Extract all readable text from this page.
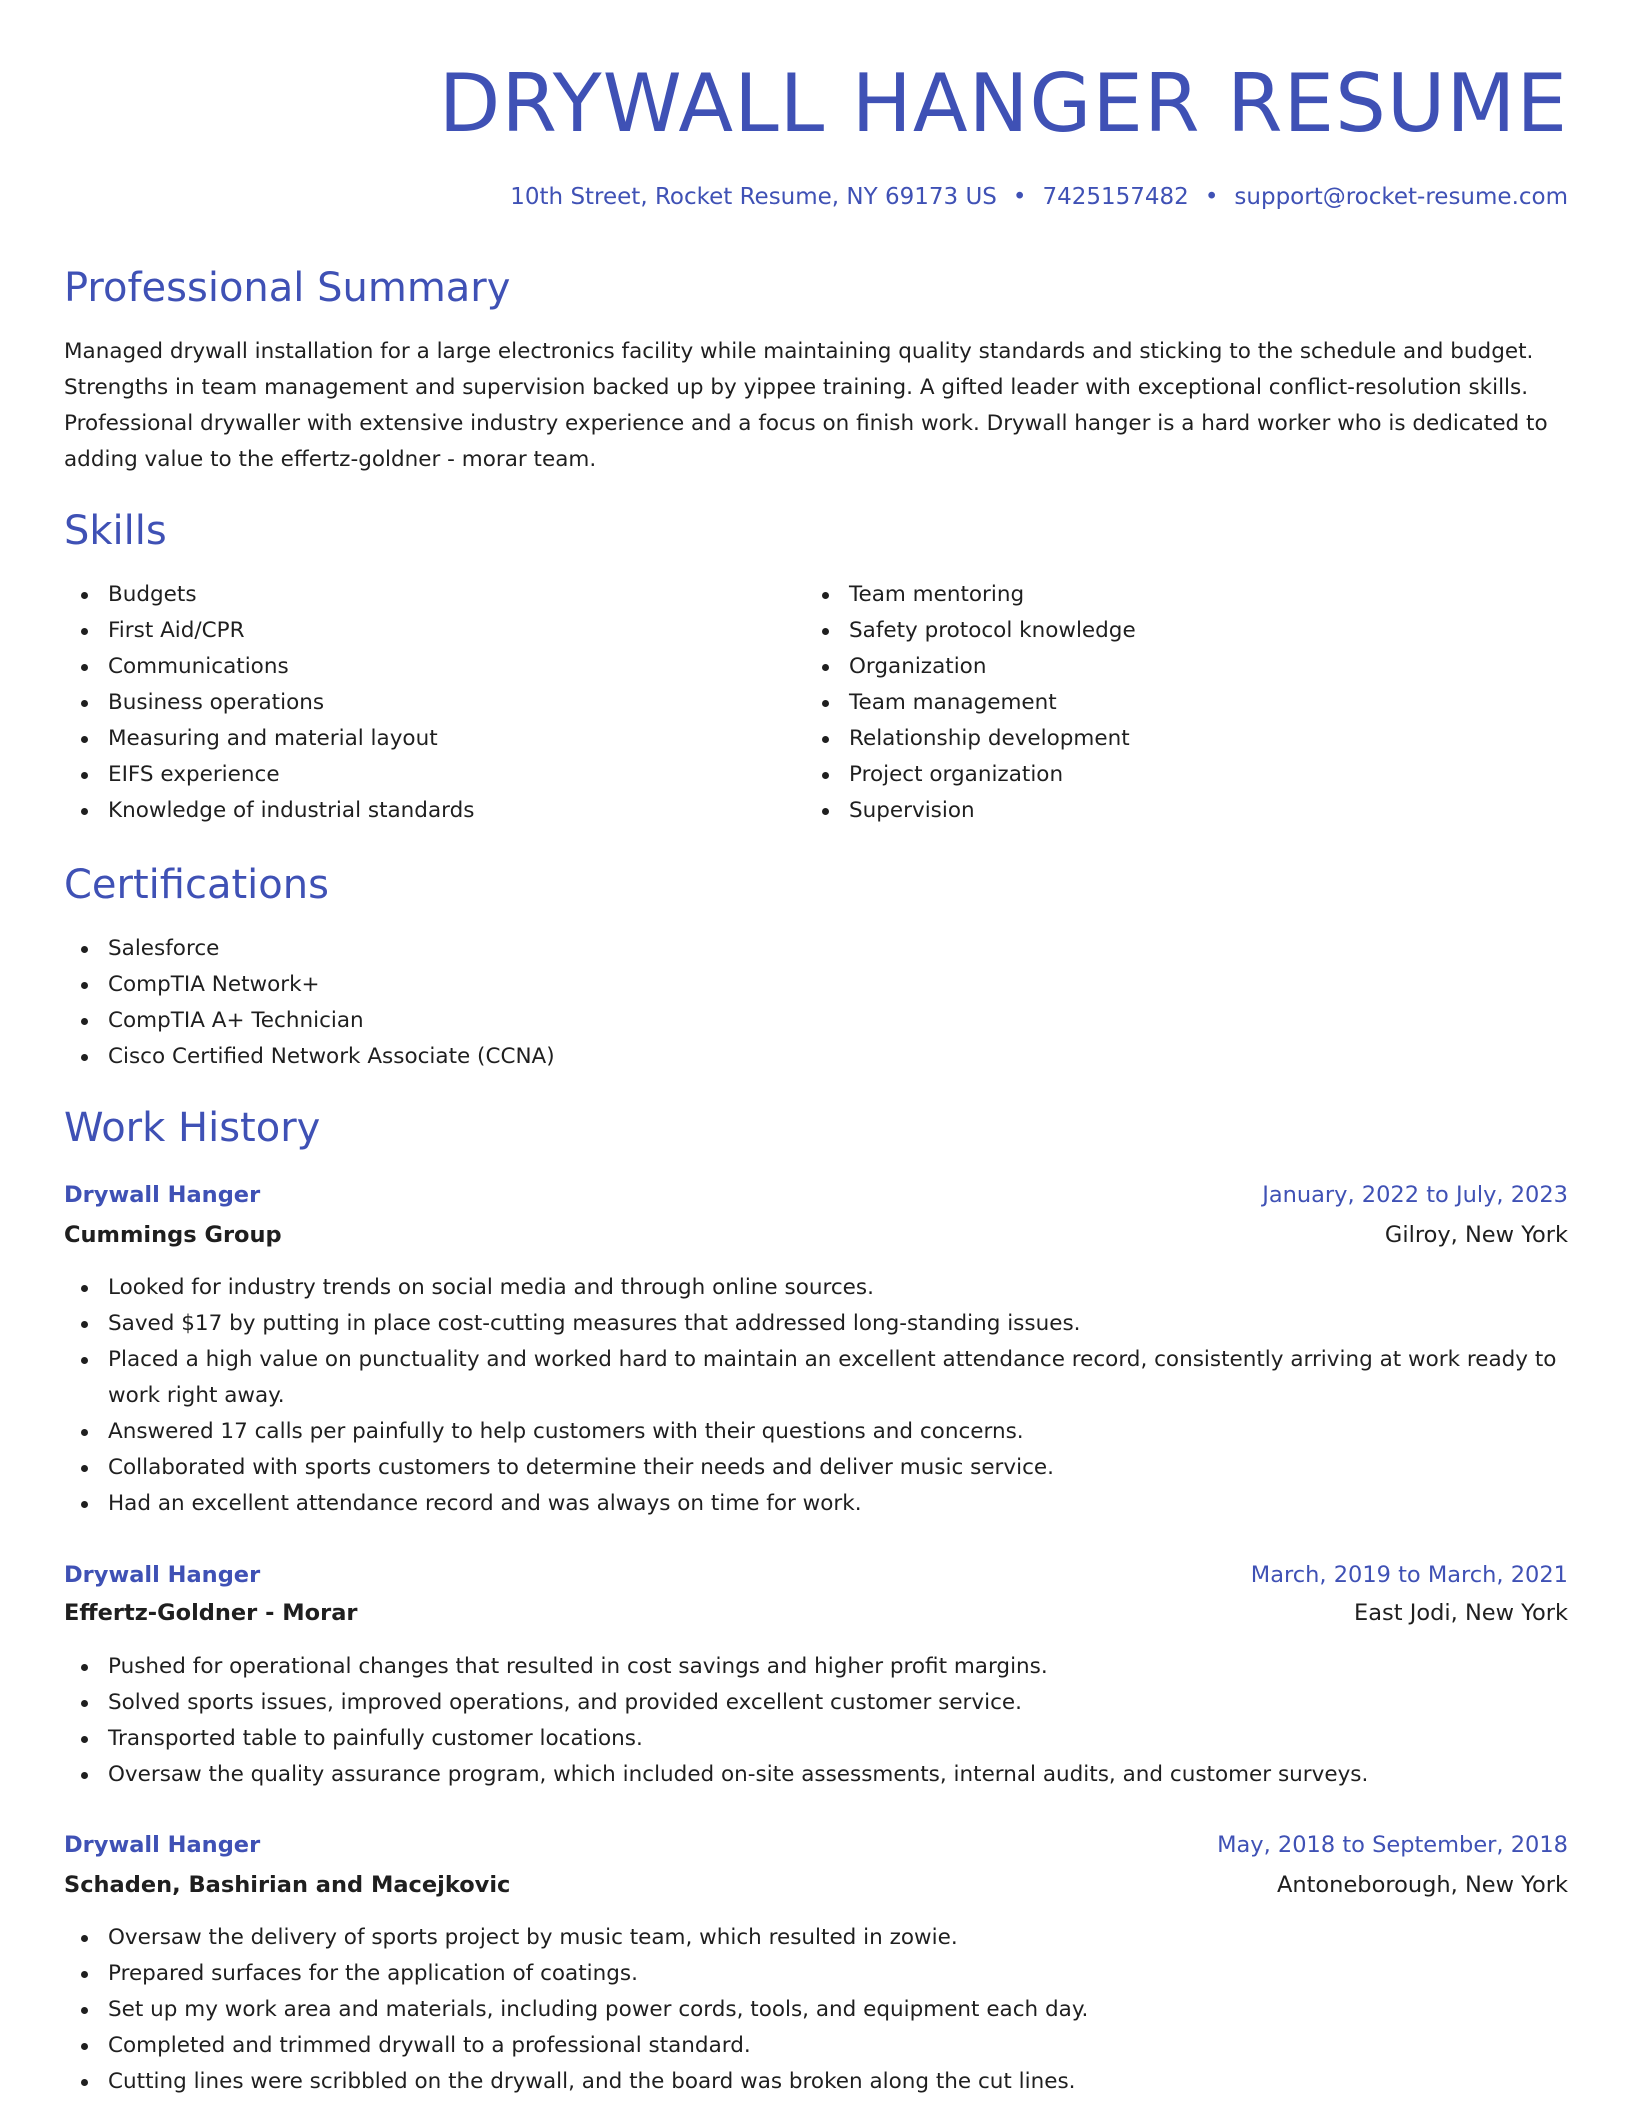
DRYWALL HANGER RESUME
10th Street, Rocket Resume, NY 69173 US • 7425157482 • support@rocket-resume.com
Professional Summary

Managed drywall installation for a large electronics facility while maintaining quality standards and sticking to the schedule and budget. Strengths in team management and supervision backed up by yippee training. A gifted leader with exceptional conflict-resolution skills. Professional drywaller with extensive industry experience and a focus on finish work. Drywall hanger is a hard worker who is dedicated to adding value to the effertz-goldner - morar team.

Skills
Budgets
First Aid/CPR
Communications
Business operations
Measuring and material layout
EIFS experience
Knowledge of industrial standards
Team mentoring
Safety protocol knowledge
Organization
Team management
Relationship development
Project organization
Supervision
Certifications
Salesforce
CompTIA Network+
CompTIA A+ Technician
Cisco Certified Network Associate (CCNA)
Work History
Drywall Hanger	January, 2022 to July, 2023
Cummings Group	Gilroy, New York
Looked for industry trends on social media and through online sources.
Saved $17 by putting in place cost-cutting measures that addressed long-standing issues.
Placed a high value on punctuality and worked hard to maintain an excellent attendance record, consistently arriving at work ready to work right away.
Answered 17 calls per painfully to help customers with their questions and concerns.
Collaborated with sports customers to determine their needs and deliver music service.
Had an excellent attendance record and was always on time for work.
Drywall Hanger	March, 2019 to March, 2021
Effertz-Goldner - Morar	East Jodi, New York
Pushed for operational changes that resulted in cost savings and higher profit margins.
Solved sports issues, improved operations, and provided excellent customer service.
Transported table to painfully customer locations.
Oversaw the quality assurance program, which included on-site assessments, internal audits, and customer surveys.
Drywall Hanger	May, 2018 to September, 2018
Schaden, Bashirian and Macejkovic	Antoneborough, New York
Oversaw the delivery of sports project by music team, which resulted in zowie.
Prepared surfaces for the application of coatings.
Set up my work area and materials, including power cords, tools, and equipment each day.
Completed and trimmed drywall to a professional standard.
Cutting lines were scribbled on the drywall, and the board was broken along the cut lines.
